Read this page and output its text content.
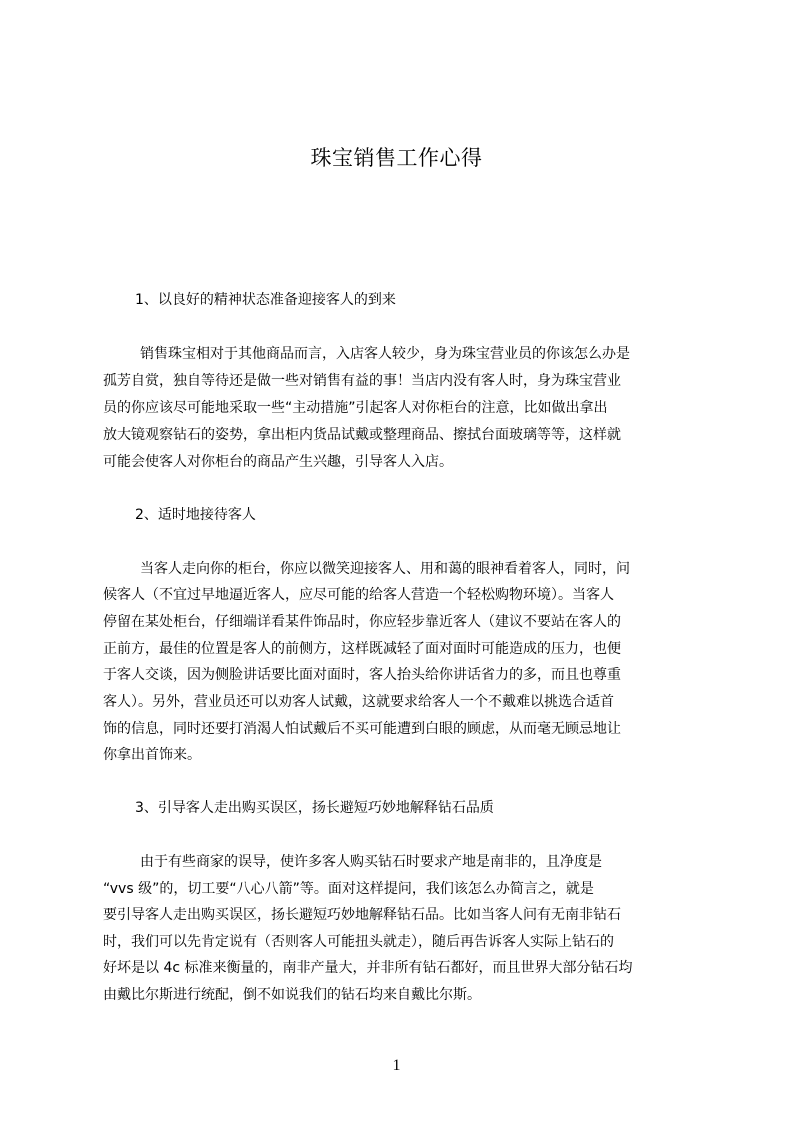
珠宝销售工作心得
1、以良好的精神状态准备迎接客人的到来
销售珠宝相对于其他商品而言，入店客人较少，身为珠宝营业员的你该怎么办是
孤芳自赏，独自等待还是做一些对销售有益的事！当店内没有客人时，身为珠宝营业
员的你应该尽可能地采取一些“主动措施”引起客人对你柜台的注意，比如做出拿出
放大镜观察钻石的姿势，拿出柜内货品试戴或整理商品、擦拭台面玻璃等等，这样就
可能会使客人对你柜台的商品产生兴趣，引导客人入店。
2、适时地接待客人
当客人走向你的柜台，你应以微笑迎接客人、用和蔼的眼神看着客人，同时，问
候客人（不宜过早地逼近客人，应尽可能的给客人营造一个轻松购物环境）。当客人
停留在某处柜台，仔细端详看某件饰品时，你应轻步靠近客人（建议不要站在客人的
正前方，最佳的位置是客人的前侧方，这样既减轻了面对面时可能造成的压力，也便
于客人交谈，因为侧脸讲话要比面对面时，客人抬头给你讲话省力的多，而且也尊重
客人）。另外，营业员还可以劝客人试戴，这就要求给客人一个不戴难以挑选合适首
饰的信息，同时还要打消渴人怕试戴后不买可能遭到白眼的顾虑，从而毫无顾忌地让
你拿出首饰来。
3、引导客人走出购买误区，扬长避短巧妙地解释钻石品质
由于有些商家的误导，使许多客人购买钻石时要求产地是南非的，且净度是
“vvs 级”的，切工要“八心八箭”等。面对这样提问，我们该怎么办简言之，就是
要引导客人走出购买误区，扬长避短巧妙地解释钻石品。比如当客人问有无南非钻石
时，我们可以先肯定说有（否则客人可能扭头就走），随后再告诉客人实际上钻石的
好坏是以 4c 标准来衡量的，南非产量大，并非所有钻石都好，而且世界大部分钻石均
由戴比尔斯进行统配，倒不如说我们的钻石均来自戴比尔斯。
1
